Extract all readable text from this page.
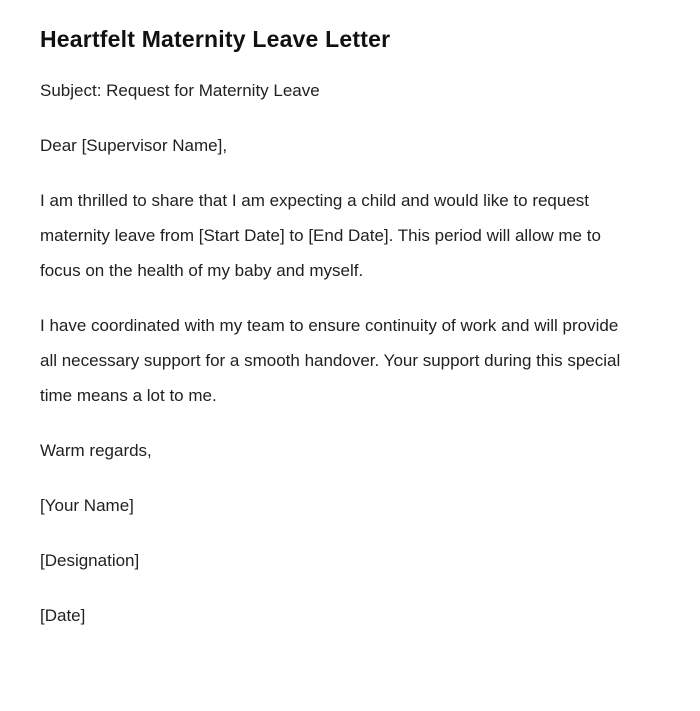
Heartfelt Maternity Leave Letter

Subject: Request for Maternity Leave

Dear [Supervisor Name],

I am thrilled to share that I am expecting a child and would like to request maternity leave from [Start Date] to [End Date]. This period will allow me to focus on the health of my baby and myself.

I have coordinated with my team to ensure continuity of work and will provide all necessary support for a smooth handover. Your support during this special time means a lot to me.

Warm regards,

[Your Name]

[Designation]

[Date]
